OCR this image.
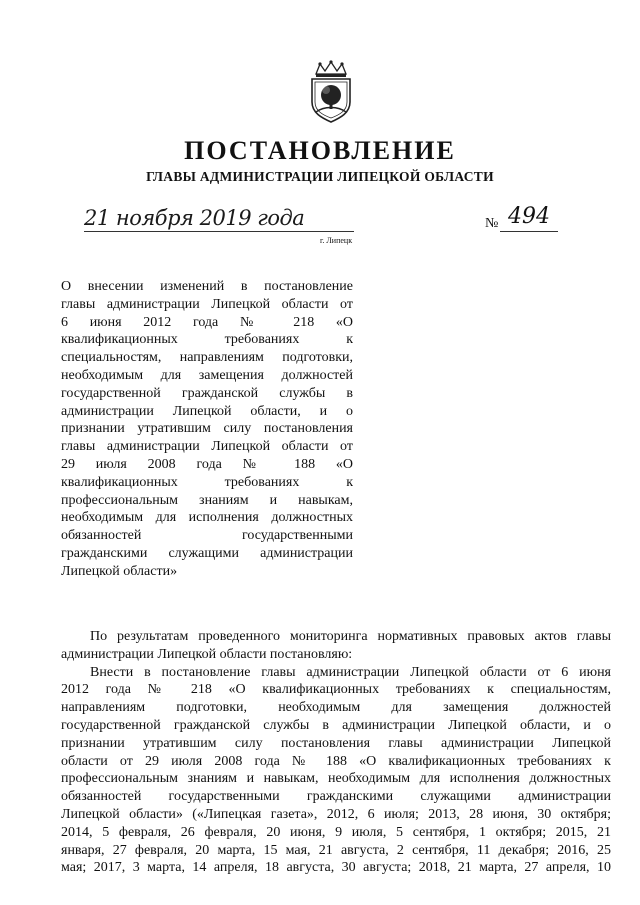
ПОСТАНОВЛЕНИЕ
ГЛАВЫ АДМИНИСТРАЦИИ ЛИПЕЦКОЙ ОБЛАСТИ
21 ноября 2019 года
г. Липецк
№ 494
О внесении изменений в постановление
главы администрации Липецкой области от
6 июня 2012 года № 218 «О
квалификационных требованиях к
специальностям, направлениям подготовки,
необходимым для замещения должностей
государственной гражданской службы в
администрации Липецкой области, и о
признании утратившим силу постановления
главы администрации Липецкой области от
29 июля 2008 года № 188 «О
квалификационных требованиях к
профессиональным знаниям и навыкам,
необходимым для исполнения должностных
обязанностей государственными
гражданскими служащими администрации
Липецкой области»
По результатам проведенного мониторинга нормативных правовых актов главы
администрации Липецкой области постановляю:
Внести в постановление главы администрации Липецкой области от 6 июня
2012 года № 218 «О квалификационных требованиях к специальностям,
направлениям подготовки, необходимым для замещения должностей
государственной гражданской службы в администрации Липецкой области, и о
признании утратившим силу постановления главы администрации Липецкой
области от 29 июля 2008 года № 188 «О квалификационных требованиях к
профессиональным знаниям и навыкам, необходимым для исполнения должностных
обязанностей государственными гражданскими служащими администрации
Липецкой области» («Липецкая газета», 2012, 6 июля; 2013, 28 июня, 30 октября;
2014, 5 февраля, 26 февраля, 20 июня, 9 июля, 5 сентября, 1 октября; 2015, 21
января, 27 февраля, 20 марта, 15 мая, 21 августа, 2 сентября, 11 декабря; 2016, 25
мая; 2017, 3 марта, 14 апреля, 18 августа, 30 августа; 2018, 21 марта, 27 апреля, 10
